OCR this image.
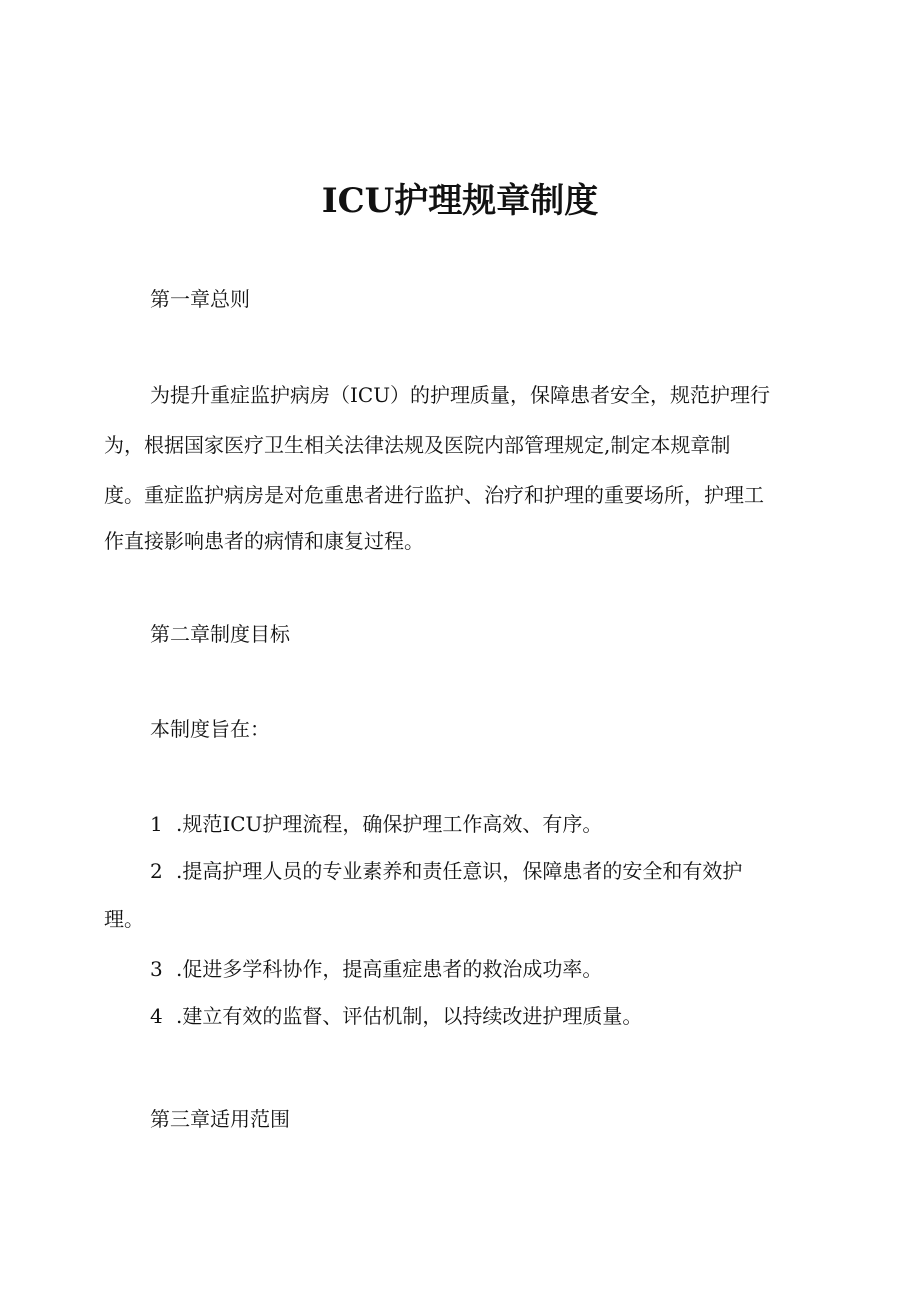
ICU护理规章制度
第一章总则
为提升重症监护病房（ICU）的护理质量，保障患者安全，规范护理行
为，根据国家医疗卫生相关法律法规及医院内部管理规定,制定本规章制
度。重症监护病房是对危重患者进行监护、治疗和护理的重要场所，护理工
作直接影响患者的病情和康复过程。
第二章制度目标
本制度旨在：
1 .规范ICU护理流程，确保护理工作高效、有序。
2 .提高护理人员的专业素养和责任意识，保障患者的安全和有效护
理。
3 .促进多学科协作，提高重症患者的救治成功率。
4 .建立有效的监督、评估机制，以持续改进护理质量。
第三章适用范围
